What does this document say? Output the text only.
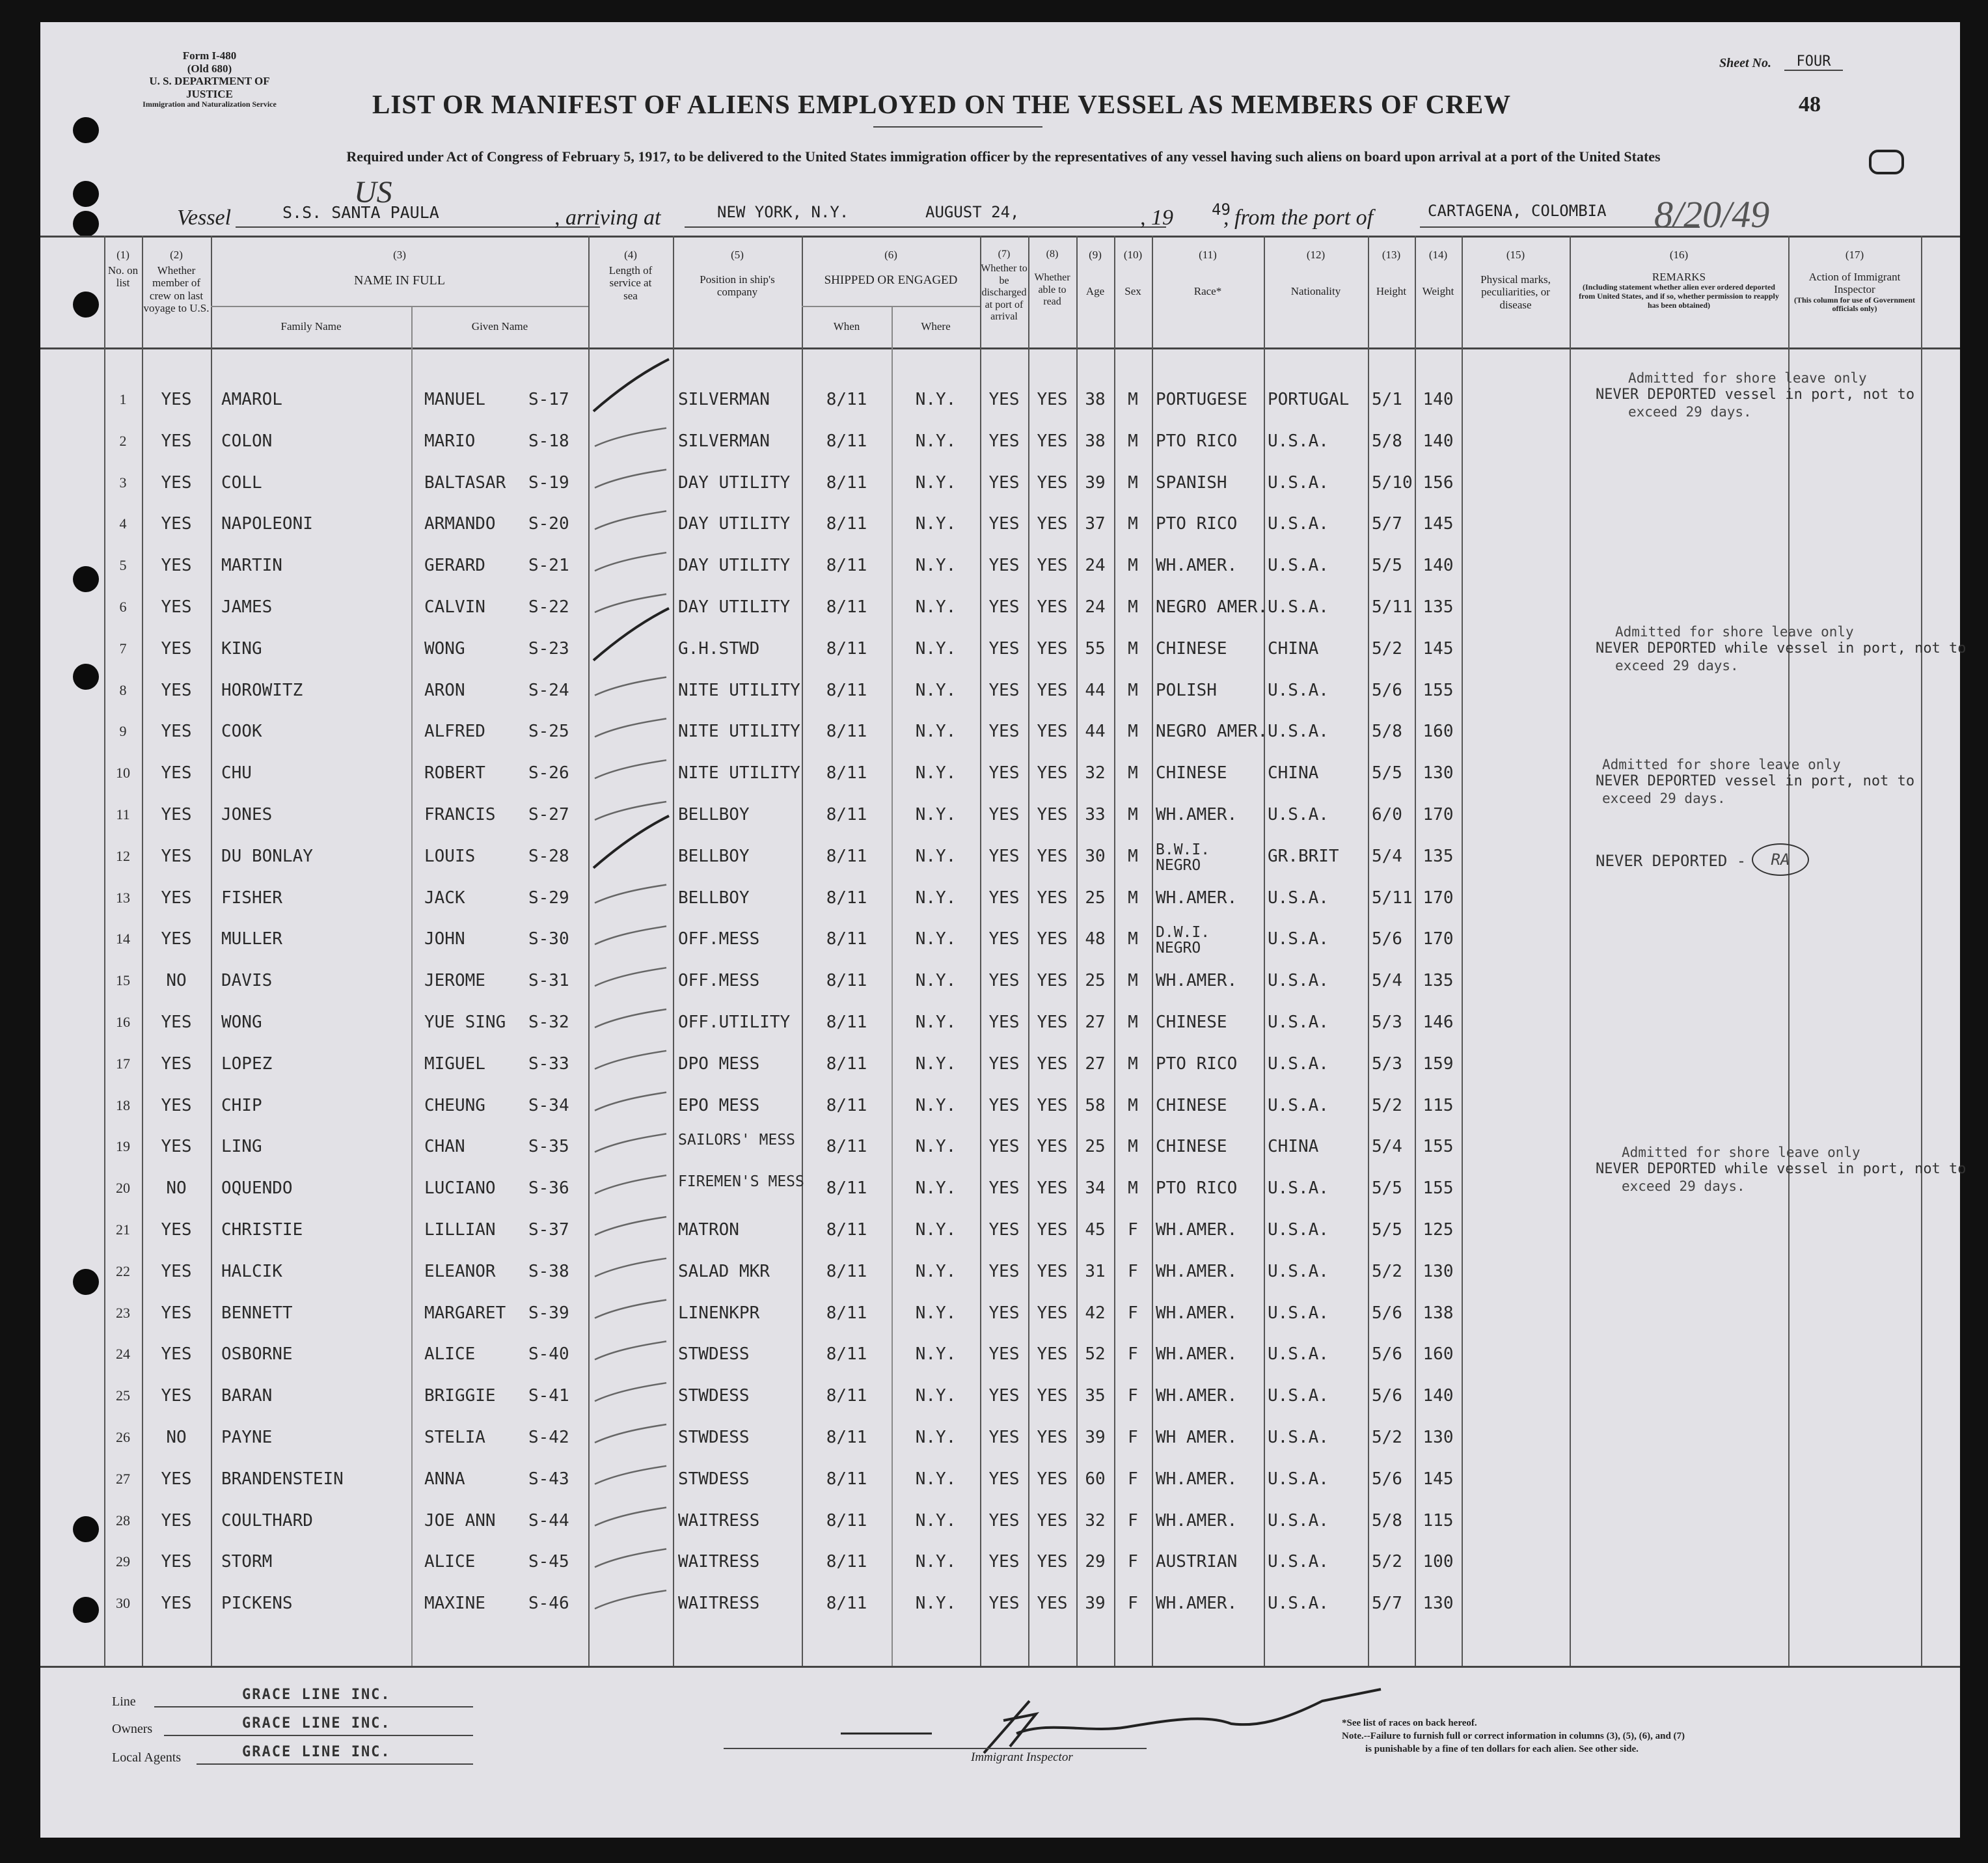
Form I-480
(Old 680)
U. S. DEPARTMENT OF JUSTICE
Immigration and Naturalization Service
Sheet No.	FOUR
48
LIST OR MANIFEST OF ALIENS EMPLOYED ON THE VESSEL AS MEMBERS OF CREW
Required under Act of Congress of February 5, 1917, to be delivered to the United States immigration officer by the representatives of any vessel having such aliens on board upon arrival at a port of the United States
Vessel	S.S. SANTA PAULA
US
, arriving at	NEW YORK, N.Y.	AUGUST 24,	, 19 49
, from the port of	CARTAGENA, COLOMBIA 8/20/49
(1)
No. on list
(2)
Whether member of crew on last voyage to U.S.
(3)
NAME IN FULL
Family Name	Given Name
(4)
Length of service at sea
(5)
Position in ship's company
(6)
SHIPPED OR ENGAGED
When	Where
(7)
Whether to be discharged at port of arrival
(8)
Whether able to read
(9)
Age
(10)
Sex
(11)
Race*
(12)
Nationality
(13)
Height
(14)
Weight
(15)
Physical marks, peculiarities, or disease
(16)
REMARKS
(Including statement whether alien ever ordered deported from United States, and if so, whether permission to reapply has been obtained)
(17)
Action of Immigrant Inspector
(This column for use of Government officials only)
1	YES	AMAROL	MANUEL	S-17	SILVERMAN	8/11	N.Y.	YES	YES	38	M	PORTUGESE	PORTUGAL	5/1	140
2	YES	COLON	MARIO	S-18	SILVERMAN	8/11	N.Y.	YES	YES	38	M	PTO RICO	U.S.A.	5/8	140
3	YES	COLL	BALTASAR	S-19	DAY UTILITY	8/11	N.Y.	YES	YES	39	M	SPANISH	U.S.A.	5/10 156
4	YES	NAPOLEONI	ARMANDO	S-20	DAY UTILITY	8/11	N.Y.	YES	YES	37	M	PTO RICO	U.S.A.	5/7	145
5	YES	MARTIN	GERARD	S-21	DAY UTILITY	8/11	N.Y.	YES	YES	24	M	WH.AMER.	U.S.A.	5/5	140
6	YES	JAMES	CALVIN	S-22	DAY UTILITY	8/11	N.Y.	YES	YES	24	M	NEGRO AMER. U.S.A.	5/11 135
7	YES	KING	WONG	S-23	G.H.STWD	8/11	N.Y.	YES	YES	55	M	CHINESE	CHINA	5/2	145
8	YES	HOROWITZ	ARON	S-24	NITE UTILITY	8/11	N.Y.	YES	YES	44	M	POLISH	U.S.A.	5/6	155
9	YES	COOK	ALFRED	S-25	NITE UTILITY	8/11	N.Y.	YES	YES	44	M	NEGRO AMER. U.S.A.	5/8	160
10	YES	CHU	ROBERT	S-26	NITE UTILITY	8/11	N.Y.	YES	YES	32	M	CHINESE	CHINA	5/5	130
11	YES	JONES	FRANCIS	S-27	BELLBOY	8/11	N.Y.	YES	YES	33	M	WH.AMER.	U.S.A.	6/0	170
12	YES	DU BONLAY	LOUIS	S-28	BELLBOY	8/11	N.Y.	YES	YES	30	M	B.W.I. NEGRO	GR.BRIT	5/4	135
13	YES	FISHER	JACK	S-29	BELLBOY	8/11	N.Y.	YES	YES	25	M	WH.AMER.	U.S.A.	5/11 170
14	YES	MULLER	JOHN	S-30	OFF.MESS	8/11	N.Y.	YES	YES	48	M	D.W.I. NEGRO	U.S.A.	5/6	170
15	NO	DAVIS	JEROME	S-31	OFF.MESS	8/11	N.Y.	YES	YES	25	M	WH.AMER.	U.S.A.	5/4	135
16	YES	WONG	YUE SING	S-32	OFF.UTILITY	8/11	N.Y.	YES	YES	27	M	CHINESE	U.S.A.	5/3	146
17	YES	LOPEZ	MIGUEL	S-33	DPO MESS	8/11	N.Y.	YES	YES	27	M	PTO RICO	U.S.A.	5/3	159
18	YES	CHIP	CHEUNG	S-34	EPO MESS	8/11	N.Y.	YES	YES	58	M	CHINESE	U.S.A.	5/2	115
19	YES	LING	CHAN	S-35	SAILORS' MESS	8/11	N.Y.	YES	YES	25	M	CHINESE	CHINA	5/4	155
20	NO	OQUENDO	LUCIANO	S-36	FIREMEN'S MESS	8/11	N.Y.	YES	YES	34	M	PTO RICO	U.S.A.	5/5	155
21	YES	CHRISTIE	LILLIAN	S-37	MATRON	8/11	N.Y.	YES	YES	45	F	WH.AMER.	U.S.A.	5/5	125
22	YES	HALCIK	ELEANOR	S-38	SALAD MKR	8/11	N.Y.	YES	YES	31	F	WH.AMER.	U.S.A.	5/2	130
23	YES	BENNETT	MARGARET	S-39	LINENKPR	8/11	N.Y.	YES	YES	42	F	WH.AMER.	U.S.A.	5/6	138
24	YES	OSBORNE	ALICE	S-40	STWDESS	8/11	N.Y.	YES	YES	52	F	WH.AMER.	U.S.A.	5/6	160
25	YES	BARAN	BRIGGIE	S-41	STWDESS	8/11	N.Y.	YES	YES	35	F	WH.AMER.	U.S.A.	5/6	140
26	NO	PAYNE	STELIA	S-42	STWDESS	8/11	N.Y.	YES	YES	39	F	WH AMER.	U.S.A.	5/2	130
27	YES	BRANDENSTEIN	ANNA	S-43	STWDESS	8/11	N.Y.	YES	YES	60	F	WH.AMER.	U.S.A.	5/6	145
28	YES	COULTHARD	JOE ANN	S-44	WAITRESS	8/11	N.Y.	YES	YES	32	F	WH.AMER.	U.S.A.	5/8	115
29	YES	STORM	ALICE	S-45	WAITRESS	8/11	N.Y.	YES	YES	29	F	AUSTRIAN	U.S.A.	5/2	100
30	YES	PICKENS	MAXINE	S-46	WAITRESS	8/11	N.Y.	YES	YES	39	F	WH.AMER.	U.S.A.	5/7	130
Admitted for shore leave only
NEVER DEPORTED vessel in port, not to
exceed 29 days.
Admitted for shore leave only
NEVER DEPORTED while vessel in port, not to
exceed 29 days.
Admitted for shore leave only
NEVER DEPORTED vessel in port, not to
exceed 29 days.
NEVER DEPORTED -	RA
Admitted for shore leave only
NEVER DEPORTED while vessel in port, not to
exceed 29 days.
Line	GRACE LINE INC.
Owners	GRACE LINE INC.
Local Agents	GRACE LINE INC.	Immigrant Inspector
*See list of races on back hereof.
Note.--Failure to furnish full or correct information in columns (3), (5), (6), and (7)
is punishable by a fine of ten dollars for each alien. See other side.
